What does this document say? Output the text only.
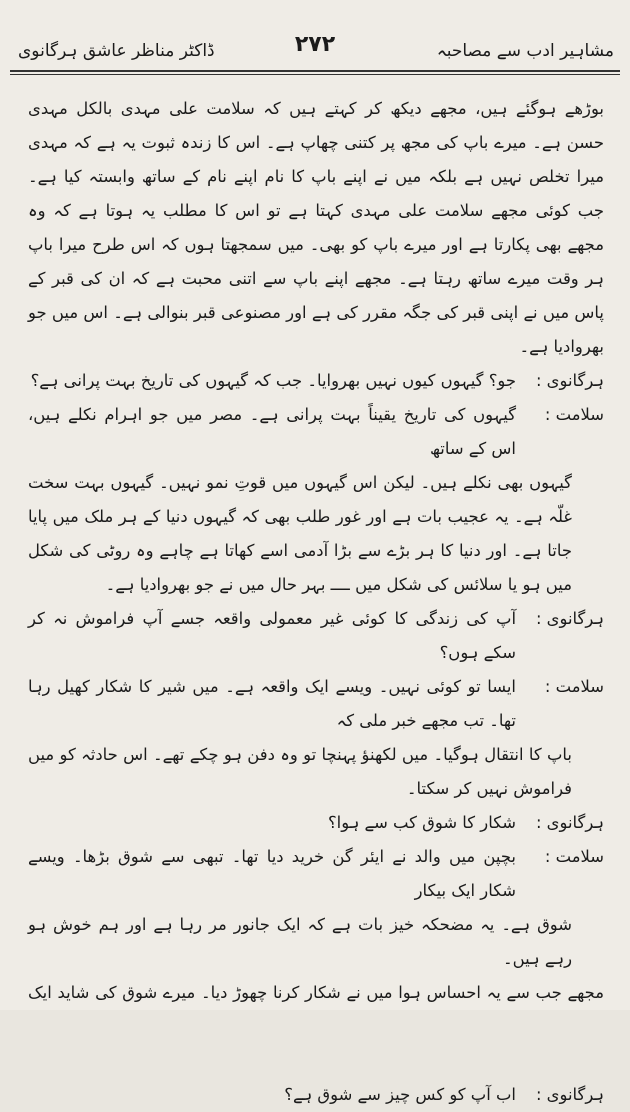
مشاہیر ادب سے مصاحبہ
۲۷۲
ڈاکٹر مناظر عاشق ہرگانوی

بوڑھے ہوگئے ہیں، مجھے دیکھ کر کہتے ہیں کہ سلامت علی مہدی بالکل مہدی حسن ہے۔ میرے باپ کی مجھ پر کتنی چھاپ ہے۔ اس کا زندہ ثبوت یہ ہے کہ مہدی میرا تخلص نہیں ہے بلکہ میں نے اپنے باپ کا نام اپنے نام کے ساتھ وابستہ کیا ہے۔ جب کوئی مجھے سلامت علی مہدی کہتا ہے تو اس کا مطلب یہ ہوتا ہے کہ وہ مجھے بھی پکارتا ہے اور میرے باپ کو بھی۔ میں سمجھتا ہوں کہ اس طرح میرا باپ ہر وقت میرے ساتھ رہتا ہے۔ مجھے اپنے باپ سے اتنی محبت ہے کہ ان کی قبر کے پاس میں نے اپنی قبر کی جگہ مقرر کی ہے اور مصنوعی قبر بنوالی ہے۔ اس میں جو بھروادیا ہے۔

ہرگانوی :
جو؟ گیہوں کیوں نہیں بھروایا۔ جب کہ گیہوں کی تاریخ بہت پرانی ہے؟
سلامت :
گیہوں کی تاریخ یقیناً بہت پرانی ہے۔ مصر میں جو اہرام نکلے ہیں، اس کے ساتھ

گیہوں بھی نکلے ہیں۔ لیکن اس گیہوں میں قوتِ نمو نہیں۔ گیہوں بہت سخت غلّہ ہے۔ یہ عجیب بات ہے اور غور طلب بھی کہ گیہوں دنیا کے ہر ملک میں پایا جاتا ہے۔ اور دنیا کا ہر بڑے سے بڑا آدمی اسے کھاتا ہے چاہے وہ روٹی کی شکل میں ہو یا سلائس کی شکل میں ــــ بہر حال میں نے جو بھروادیا ہے۔

ہرگانوی :
آپ کی زندگی کا کوئی غیر معمولی واقعہ جسے آپ فراموش نہ کر سکے ہوں؟
سلامت :
ایسا تو کوئی نہیں۔ ویسے ایک واقعہ ہے۔ میں شیر کا شکار کھیل رہا تھا۔ تب مجھے خبر ملی کہ

باپ کا انتقال ہوگیا۔ میں لکھنؤ پہنچا تو وہ دفن ہو چکے تھے۔ اس حادثہ کو میں فراموش نہیں کر سکتا۔

ہرگانوی :
شکار کا شوق کب سے ہوا؟
سلامت :
بچپن میں والد نے ایئر گن خرید دیا تھا۔ تبھی سے شوق بڑھا۔ ویسے شکار ایک بیکار

شوق ہے۔ یہ مضحکہ خیز بات ہے کہ ایک جانور مر رہا ہے اور ہم خوش ہو رہے ہیں۔

مجھے جب سے یہ احساس ہوا میں نے شکار کرنا چھوڑ دیا۔ میرے شوق کی شاید ایک

ہرگانوی :
اب آپ کو کس چیز سے شوق ہے؟
